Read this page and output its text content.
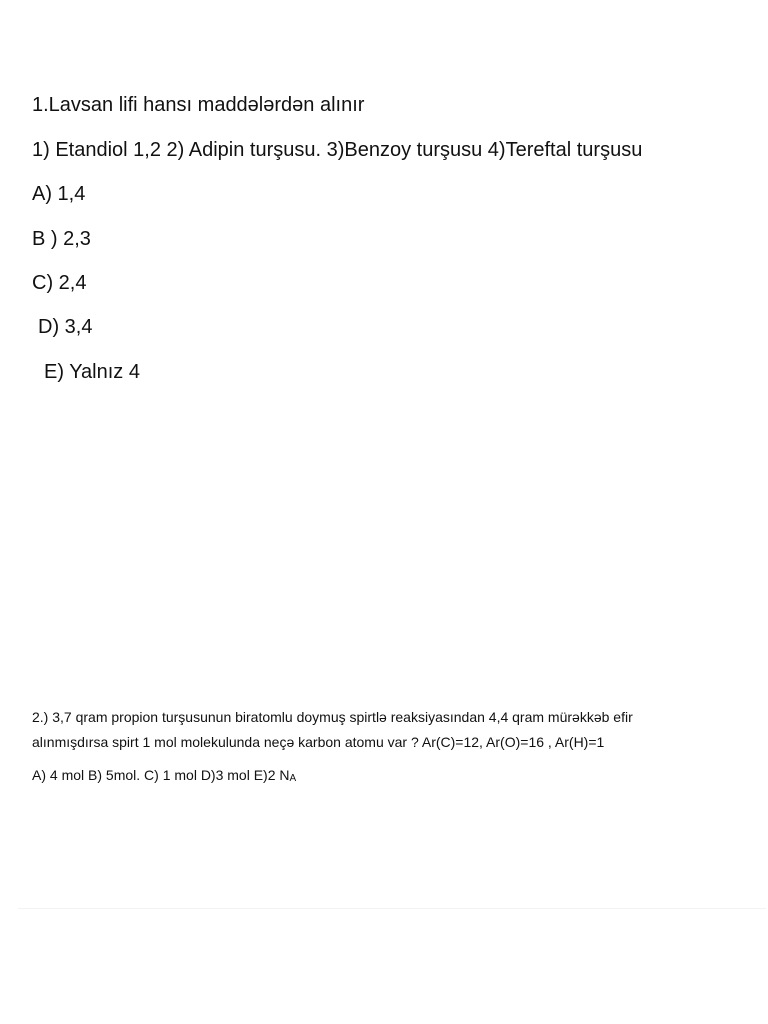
1.Lavsan lifi hansı maddələrdən alınır
1) Etandiol 1,2 2) Adipin turşusu. 3)Benzoy turşusu 4)Tereftal turşusu
A) 1,4
B ) 2,3
C) 2,4
D) 3,4
E) Yalnız 4
2.) 3,7 qram propion turşusunun biratomlu doymuş spirtlə reaksiyasından 4,4 qram mürəkkəb efir
alınmışdırsa spirt 1 mol molekulunda neçə karbon atomu var ? Ar(C)=12, Ar(O)=16 , Ar(H)=1
A) 4 mol B) 5mol. C) 1 mol D)3 mol E)2 NA
